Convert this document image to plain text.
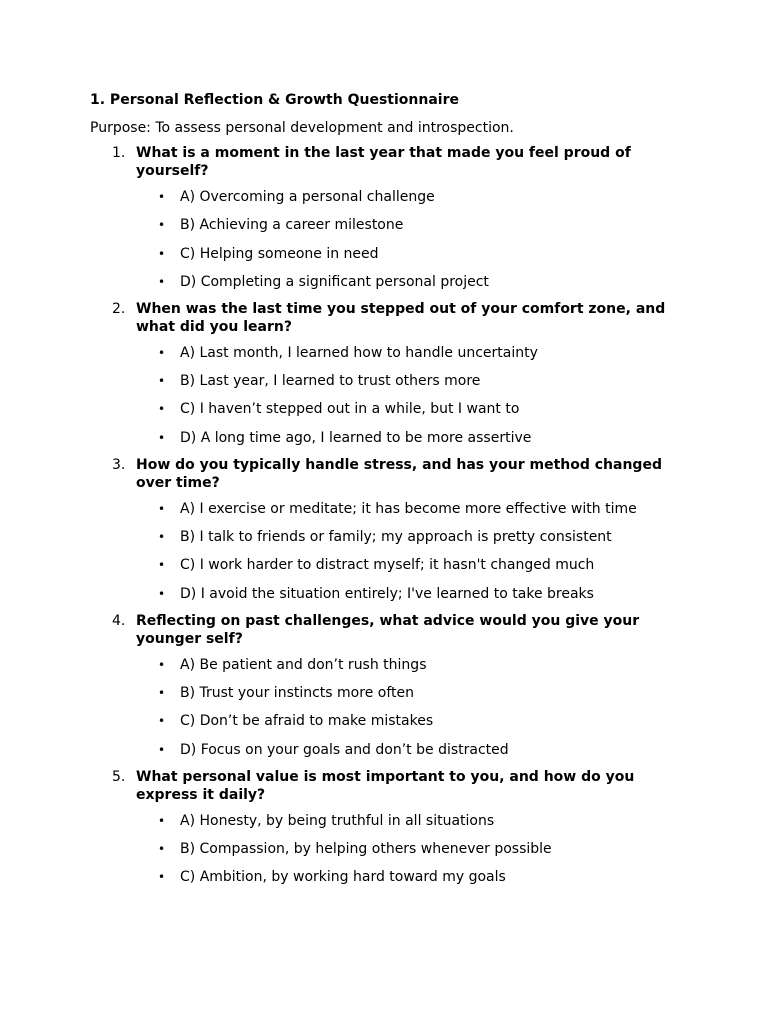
1. Personal Reflection & Growth Questionnaire
Purpose: To assess personal development and introspection.
1. What is a moment in the last year that made you feel proud of yourself?
• A) Overcoming a personal challenge
• B) Achieving a career milestone
• C) Helping someone in need
• D) Completing a significant personal project
2. When was the last time you stepped out of your comfort zone, and what did you learn?
• A) Last month, I learned how to handle uncertainty
• B) Last year, I learned to trust others more
• C) I haven’t stepped out in a while, but I want to
• D) A long time ago, I learned to be more assertive
3. How do you typically handle stress, and has your method changed over time?
• A) I exercise or meditate; it has become more effective with time
• B) I talk to friends or family; my approach is pretty consistent
• C) I work harder to distract myself; it hasn't changed much
• D) I avoid the situation entirely; I've learned to take breaks
4. Reflecting on past challenges, what advice would you give your younger self?
• A) Be patient and don’t rush things
• B) Trust your instincts more often
• C) Don’t be afraid to make mistakes
• D) Focus on your goals and don’t be distracted
5. What personal value is most important to you, and how do you express it daily?
• A) Honesty, by being truthful in all situations
• B) Compassion, by helping others whenever possible
• C) Ambition, by working hard toward my goals
